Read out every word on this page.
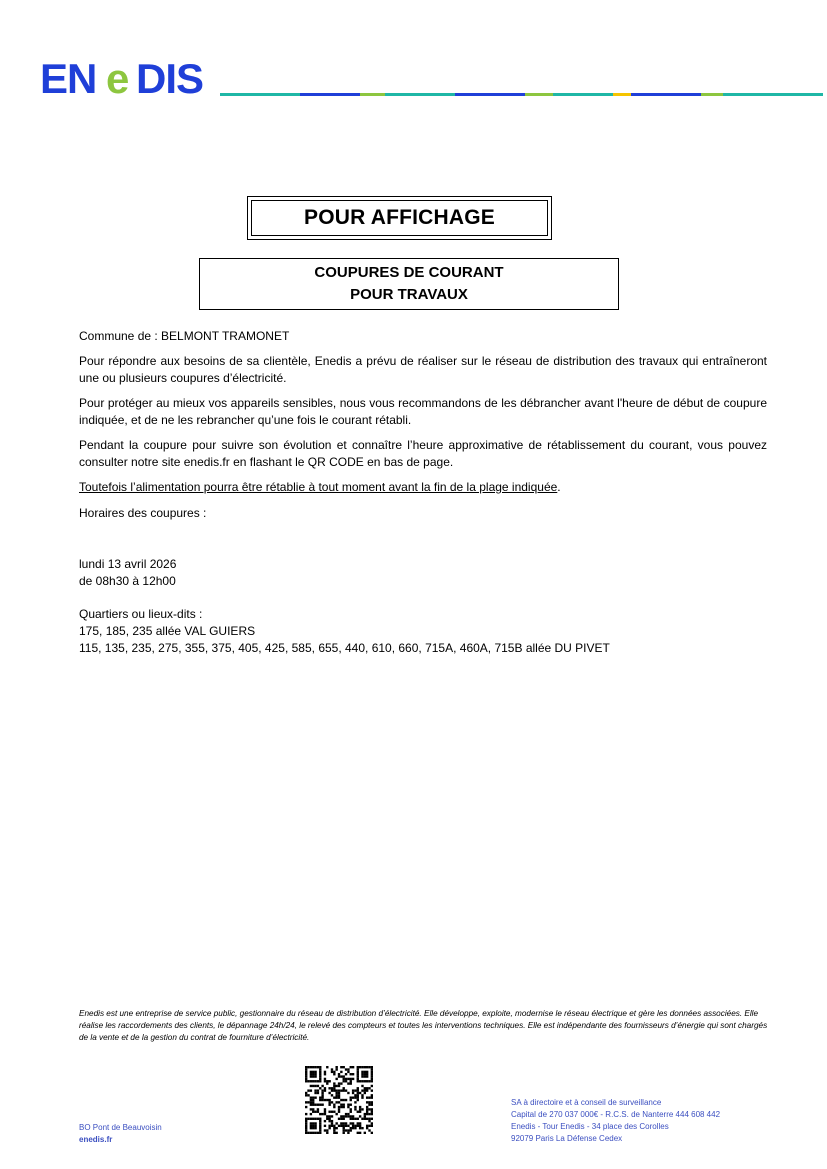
EN e DIS
POUR AFFICHAGE
COUPURES DE COURANT
POUR TRAVAUX
Commune de : BELMONT TRAMONET
Pour répondre aux besoins de sa clientèle, Enedis a prévu de réaliser sur le réseau de distribution des travaux qui entraîneront une ou plusieurs coupures d’électricité.
Pour protéger au mieux vos appareils sensibles, nous vous recommandons de les débrancher avant l'heure de début de coupure indiquée, et de ne les rebrancher qu’une fois le courant rétabli.
Pendant la coupure pour suivre son évolution et connaître l’heure approximative de rétablissement du courant, vous pouvez consulter notre site enedis.fr en flashant le QR CODE en bas de page.
Toutefois l’alimentation pourra être rétablie à tout moment avant la fin de la plage indiquée.
Horaires des coupures :
lundi 13 avril 2026
de 08h30 à 12h00
Quartiers ou lieux-dits :
175, 185, 235 allée VAL GUIERS
115, 135, 235, 275, 355, 375, 405, 425, 585, 655, 440, 610, 660, 715A, 460A, 715B allée DU PIVET
Enedis est une entreprise de service public, gestionnaire du réseau de distribution d’électricité. Elle développe, exploite, modernise le réseau électrique et gère les données associées. Elle réalise les raccordements des clients, le dépannage 24h/24, le relevé des compteurs et toutes les interventions techniques. Elle est indépendante des fournisseurs d’énergie qui sont chargés de la vente et de la gestion du contrat de fourniture d’électricité.
BO Pont de Beauvoisin
enedis.fr
SA à directoire et à conseil de surveillance
Capital de 270 037 000€ - R.C.S. de Nanterre 444 608 442
Enedis - Tour Enedis - 34 place des Corolles
92079 Paris La Défense Cedex
